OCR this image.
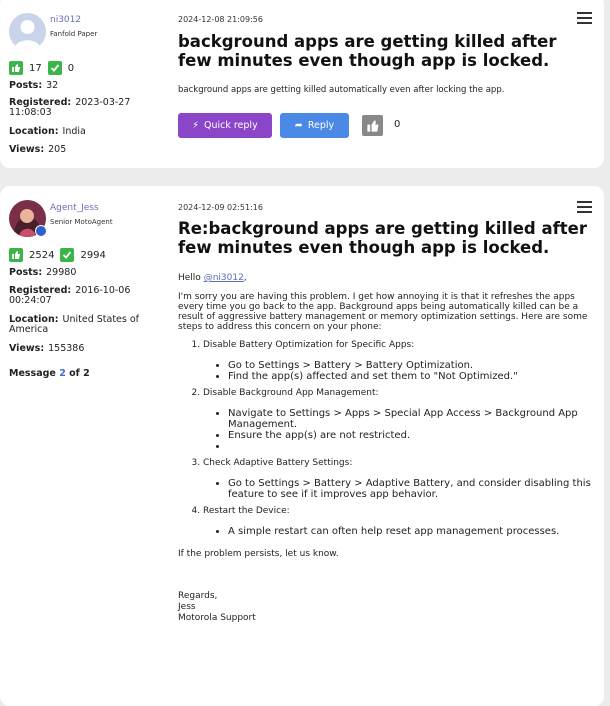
ni3012
Fanfold Paper
17	0
Posts: 32
Registered: 2023-03-27 11:08:03
Location: India
Views: 205
2024-12-08 21:09:56
background apps are getting killed after few minutes even though app is locked.
background apps are getting killed automatically even after locking the app.
⚡ Quick reply	➦ Reply	0
Agent_Jess
Senior MotoAgent
2524	2994
Posts: 29980
Registered: 2016-10-06 00:24:07
Location: United States of America
Views: 155386
Message 2 of 2
2024-12-09 02:51:16
Re:background apps are getting killed after few minutes even though app is locked.

Hello @ni3012,

I'm sorry you are having this problem. I get how annoying it is that it refreshes the apps every time you go back to the app. Background apps being automatically killed can be a result of aggressive battery management or memory optimization settings. Here are some steps to address this concern on your phone:

1. Disable Battery Optimization for Specific Apps:
• Go to Settings > Battery > Battery Optimization.
• Find the app(s) affected and set them to "Not Optimized."
2. Disable Background App Management:
• Navigate to Settings > Apps > Special App Access > Background App Management.
• Ensure the app(s) are not restricted.
•
3. Check Adaptive Battery Settings:
• Go to Settings > Battery > Adaptive Battery, and consider disabling this feature to see if it improves app behavior.
4. Restart the Device:
• A simple restart can often help reset app management processes.

If the problem persists, let us know.

Regards,
Jess
Motorola Support
